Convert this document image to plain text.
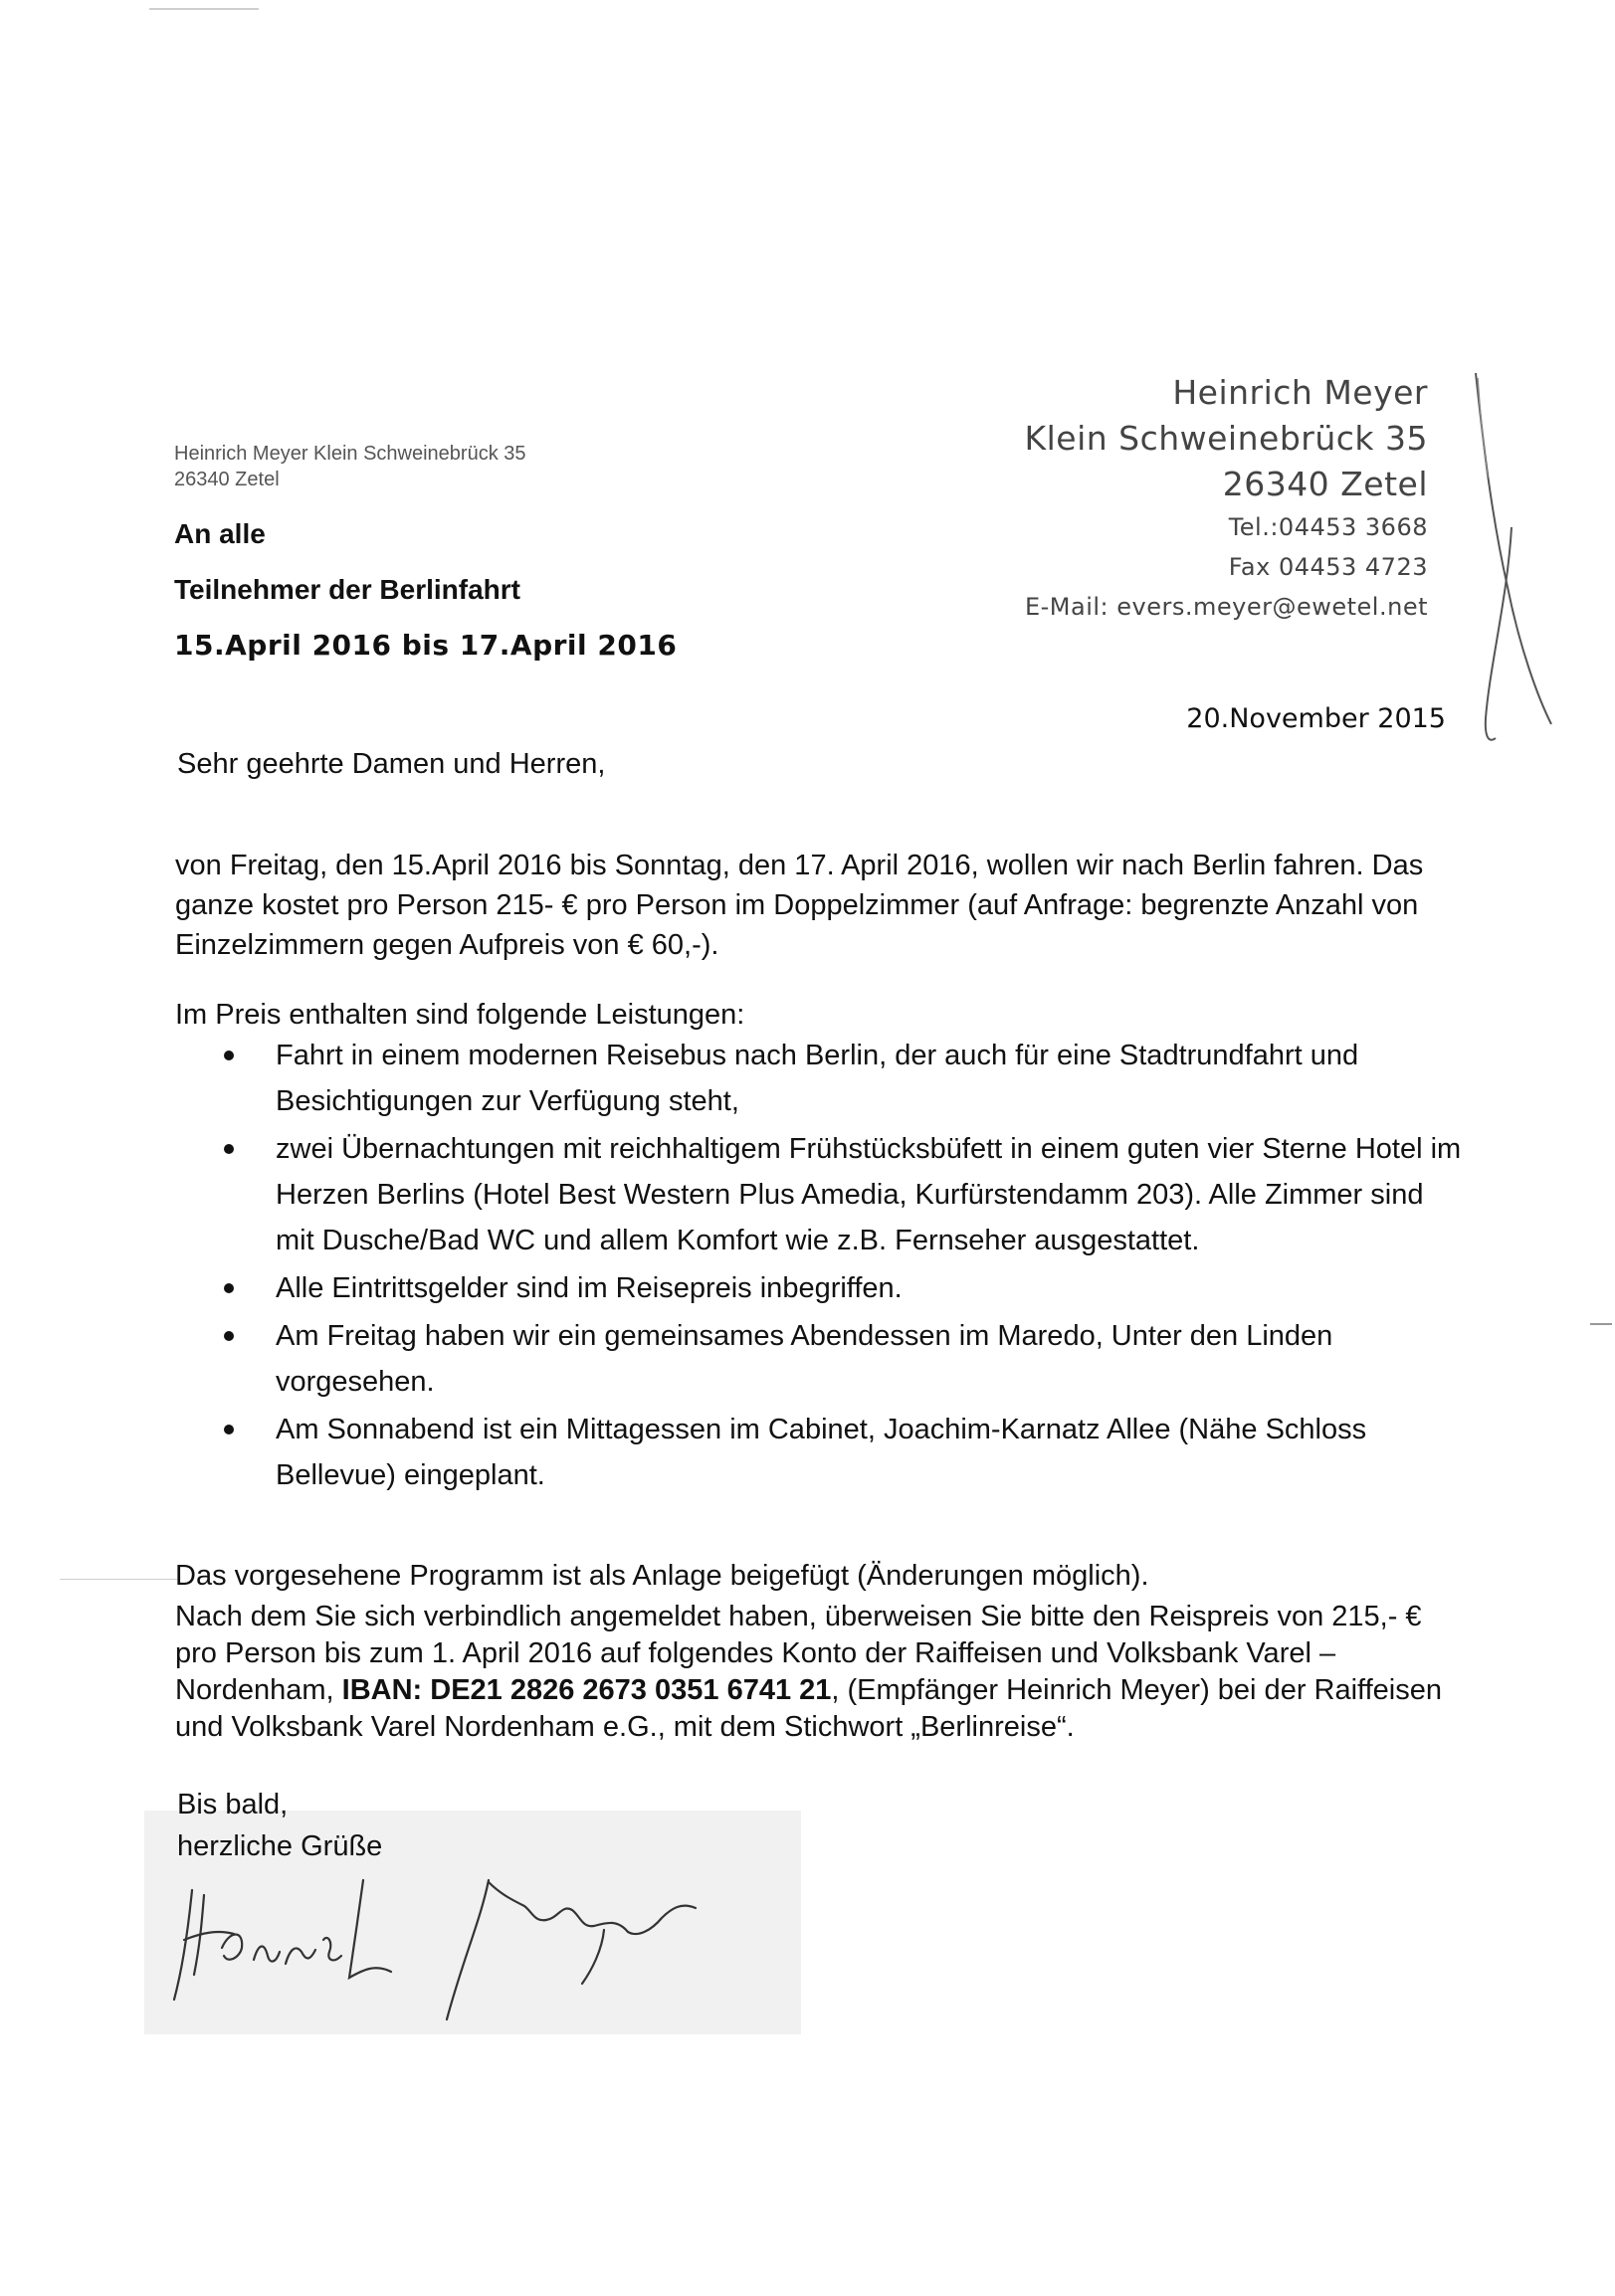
Heinrich Meyer Klein Schweinebrück 35
26340 Zetel
An alle
Teilnehmer der Berlinfahrt
15.April 2016 bis 17.April 2016
Heinrich Meyer
Klein Schweinebrück 35
26340 Zetel
Tel.:04453 3668
Fax 04453 4723
E-Mail: evers.meyer@ewetel.net
20.November 2015
Sehr geehrte Damen und Herren,
von Freitag, den 15.April 2016 bis Sonntag, den 17. April 2016, wollen wir nach Berlin fahren. Das ganze kostet pro Person 215- € pro Person im Doppelzimmer (auf Anfrage: begrenzte Anzahl von Einzelzimmern gegen Aufpreis von € 60,-).
Im Preis enthalten sind folgende Leistungen:
Fahrt in einem modernen Reisebus nach Berlin, der auch für eine Stadtrundfahrt und Besichtigungen zur Verfügung steht,
zwei Übernachtungen mit reichhaltigem Frühstücksbüfett in einem guten vier Sterne Hotel im Herzen Berlins (Hotel Best Western Plus Amedia, Kurfürstendamm 203). Alle Zimmer sind mit Dusche/Bad WC und allem Komfort wie z.B. Fernseher ausgestattet.
Alle Eintrittsgelder sind im Reisepreis inbegriffen.
Am Freitag haben wir ein gemeinsames Abendessen im Maredo, Unter den Linden vorgesehen.
Am Sonnabend ist ein Mittagessen im Cabinet, Joachim-Karnatz Allee (Nähe Schloss Bellevue) eingeplant.
Das vorgesehene Programm ist als Anlage beigefügt (Änderungen möglich).
Nach dem Sie sich verbindlich angemeldet haben, überweisen Sie bitte den Reispreis von 215,- € pro Person bis zum 1. April 2016 auf folgendes Konto der Raiffeisen und Volksbank Varel – Nordenham, IBAN: DE21 2826 2673 0351 6741 21, (Empfänger Heinrich Meyer) bei der Raiffeisen und Volksbank Varel Nordenham e.G., mit dem Stichwort „Berlinreise“.
Bis bald,
herzliche Grüße
